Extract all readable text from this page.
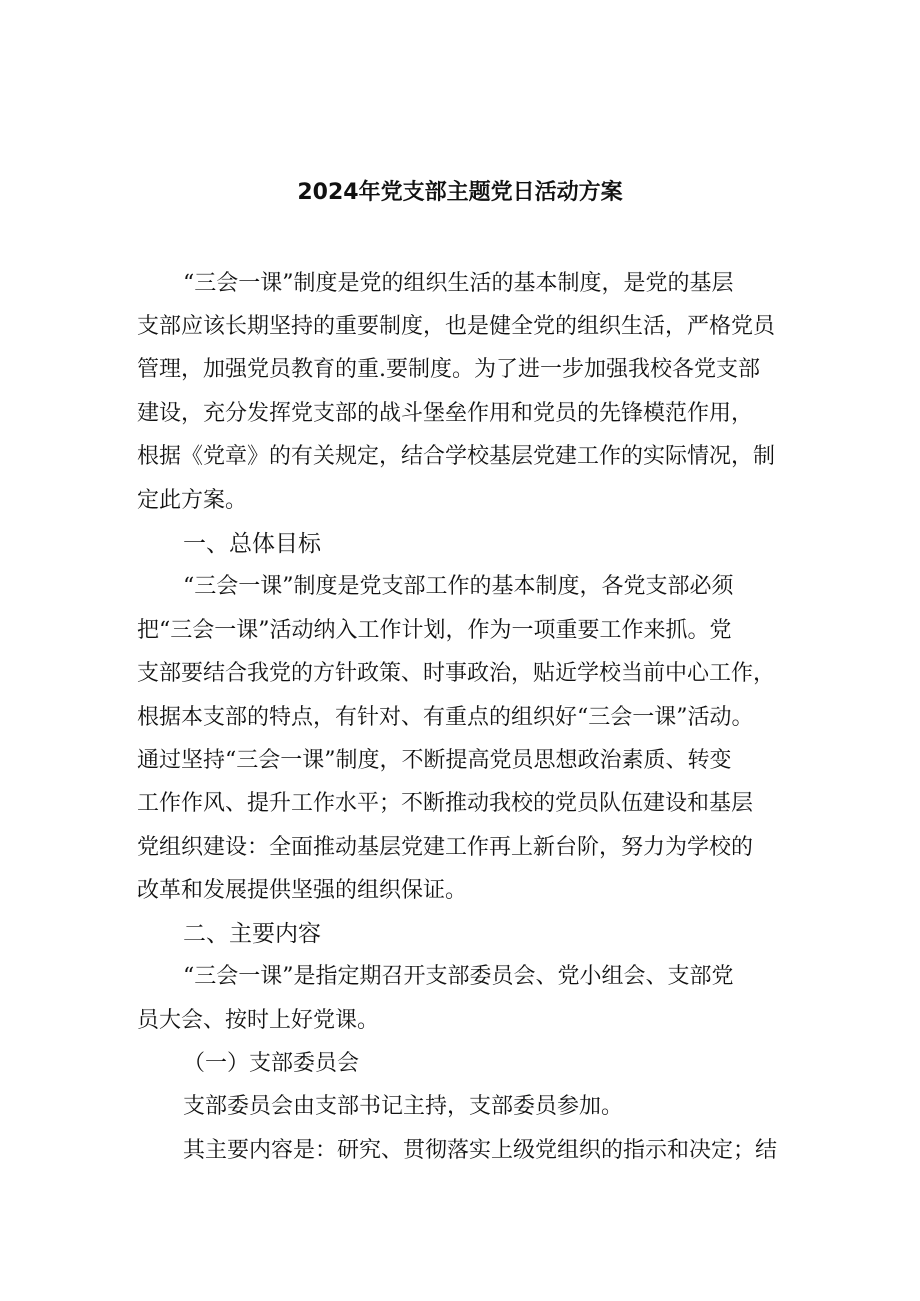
2024年党支部主题党日活动方案
“三会一课”制度是党的组织生活的基本制度，是党的基层
支部应该长期坚持的重要制度，也是健全党的组织生活，严格党员
管理，加强党员教育的重.要制度。为了进一步加强我校各党支部
建设，充分发挥党支部的战斗堡垒作用和党员的先锋模范作用，
根据《党章》的有关规定，结合学校基层党建工作的实际情况，制
定此方案。
一、总体目标
“三会一课”制度是党支部工作的基本制度，各党支部必须
把“三会一课”活动纳入工作计划，作为一项重要工作来抓。党
支部要结合我党的方针政策、时事政治，贴近学校当前中心工作，
根据本支部的特点，有针对、有重点的组织好“三会一课”活动。
通过坚持“三会一课”制度，不断提高党员思想政治素质、转变
工作作风、提升工作水平；不断推动我校的党员队伍建设和基层
党组织建设：全面推动基层党建工作再上新台阶，努力为学校的
改革和发展提供坚强的组织保证。
二、主要内容
“三会一课”是指定期召开支部委员会、党小组会、支部党
员大会、按时上好党课。
（一）支部委员会
支部委员会由支部书记主持，支部委员参加。
其主要内容是：研究、贯彻落实上级党组织的指示和决定；结
